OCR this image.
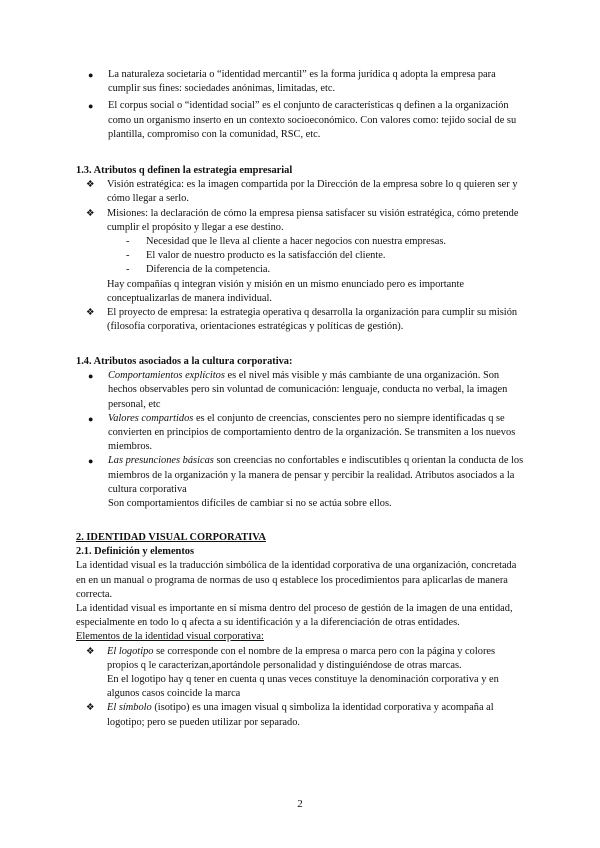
●	La naturaleza societaria o “identidad mercantil” es la forma jurídica q adopta la empresa para cumplir sus fines: sociedades anónimas, limitadas, etc.

●	El corpus social o “identidad social” es el conjunto de características q definen a la organización como un organismo inserto en un contexto socioeconómico. Con valores como: tejido social de su plantilla, compromiso con la comunidad, RSC, etc.

1.3. Atributos q definen la estrategia empresarial

❖	Visión estratégica: es la imagen compartida por la Dirección de la empresa sobre lo q quieren ser y cómo llegar a serlo.

❖	Misiones: la declaración de cómo la empresa piensa satisfacer su visión estratégica, cómo pretende cumplir el propósito y llegar a ese destino.

-	Necesidad que le lleva al cliente a hacer negocios con nuestra empresas.

-	El valor de nuestro producto es la satisfacción del cliente.

-	Diferencia de la competencia.

Hay compañías q integran visión y misión en un mismo enunciado pero es importante conceptualizarlas de manera individual.

❖	El proyecto de empresa: la estrategia operativa q desarrolla la organización para cumplir su misión (filosofía corporativa, orientaciones estratégicas y políticas de gestión).

1.4. Atributos asociados a la cultura corporativa:

●	Comportamientos explícitos es el nivel más visible y más cambiante de una organización. Son hechos observables pero sin voluntad de comunicación: lenguaje, conducta no verbal, la imagen personal, etc

●	Valores compartidos es el conjunto de creencias, conscientes pero no siempre identificadas q se convierten en principios de comportamiento dentro de la organización. Se transmiten a los nuevos miembros.

●	Las presunciones básicas son creencias no confortables e indiscutibles q orientan la conducta de los miembros de la organización y la manera de pensar y percibir la realidad. Atributos asociados a la cultura corporativa

Son comportamientos difíciles de cambiar si no se actúa sobre ellos.

2. IDENTIDAD VISUAL CORPORATIVA

2.1. Definición y elementos

La identidad visual es la traducción simbólica de la identidad corporativa de una organización, concretada en en un manual o programa de normas de uso q establece los procedimientos para aplicarlas de manera correcta.

La identidad visual es importante en sí misma dentro del proceso de gestión de la imagen de una entidad, especialmente en todo lo q afecta a su identificación y a la diferenciación de otras entidades.

Elementos de la identidad visual corporativa:

❖	El logotipo se corresponde con el nombre de la empresa o marca pero con la página y colores propios q le caracterizan,aportándole personalidad y distinguiéndose de otras marcas.

En el logotipo hay q tener en cuenta q unas veces constituye la denominación corporativa y en algunos casos coincide la marca

❖	El símbolo (isotipo) es una imagen visual q simboliza la identidad corporativa y acompaña al logotipo; pero se pueden utilizar por separado.

2
